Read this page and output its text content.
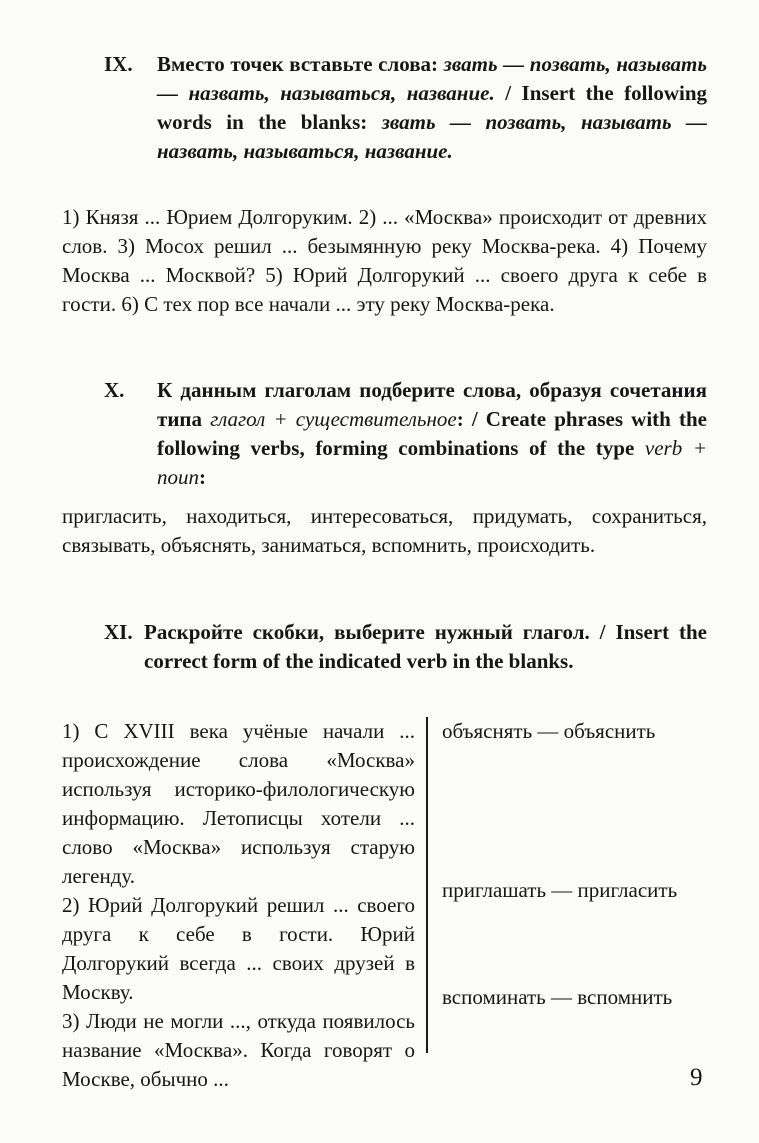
IX.	Вместо точек вставьте слова: звать — позвать, называть — назвать, называться, название. / Insert the following words in the blanks: звать — позвать, называть — назвать, называться, название.

1) Князя ... Юрием Долгоруким. 2) ... «Москва» происходит от древних слов. 3) Мосох решил ... безымянную реку Москва-река. 4) Почему Москва ... Москвой? 5) Юрий Долгорукий ... своего друга к себе в гости. 6) С тех пор все начали ... эту реку Москва-река.

X.	К данным глаголам подберите слова, образуя сочетания типа глагол + существительное: / Create phrases with the following verbs, forming combinations of the type verb + noun:

пригласить, находиться, интересоваться, придумать, сохраниться, связывать, объяснять, заниматься, вспомнить, происходить.

XI. Раскройте скобки, выберите нужный глагол. / Insert the correct form of the indicated verb in the blanks.

1) С XVIII века учёные начали ... происхождение слова «Москва» используя историко-филологическую информацию. Летописцы хотели ... слово «Москва» используя старую легенду.

2) Юрий Долгорукий решил ... своего друга к себе в гости. Юрий Долгорукий всегда ... своих друзей в Москву.

3) Люди не могли ..., откуда появилось название «Москва». Когда говорят о Москве, обычно ...

объяснять — объяснить
приглашать — пригласить
вспоминать — вспомнить
9
